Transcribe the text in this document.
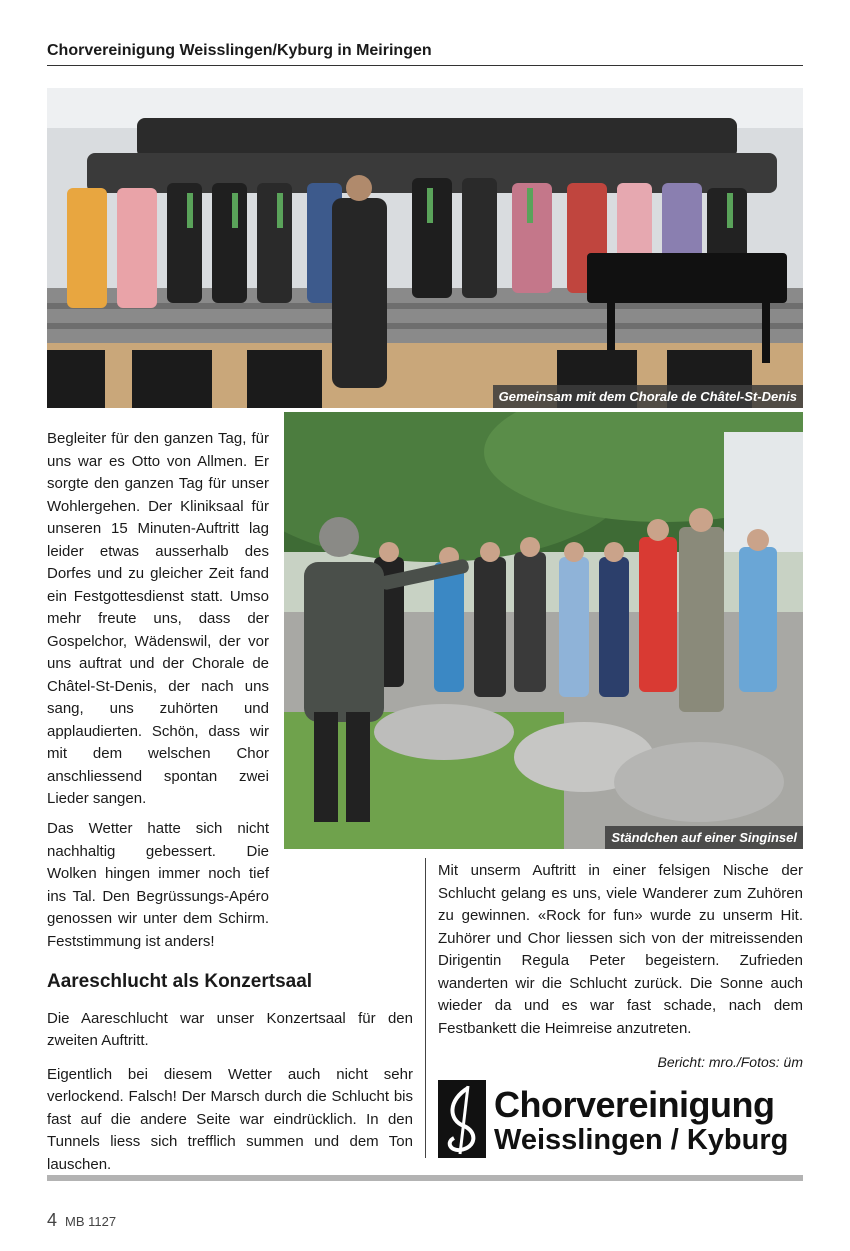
Chorvereinigung Weisslingen/Kyburg in Meiringen
Gemeinsam mit dem Chorale de Châtel-St-Denis
Ständchen auf einer Singinsel

Begleiter für den ganzen Tag, für uns war es Otto von Allmen. Er sorgte den ganzen Tag für unser Wohlergehen. Der Kliniksaal für unseren 15 Minuten-Auftritt lag leider etwas ausserhalb des Dorfes und zu gleicher Zeit fand ein Festgottesdienst statt. Umso mehr freute uns, dass der Gospelchor, Wädenswil, der vor uns auftrat und der Chorale de Châtel-St-Denis, der nach uns sang, uns zuhörten und applaudierten. Schön, dass wir mit dem welschen Chor anschliessend spontan zwei Lieder sangen.

Das Wetter hatte sich nicht nachhaltig gebessert. Die Wolken hingen immer noch tief ins Tal. Den Begrüssungs-Apéro genossen wir unter dem Schirm. Feststimmung ist anders!

Aareschlucht als Konzertsaal

Die Aareschlucht war unser Konzertsaal für den zweiten Auftritt.

Eigentlich bei diesem Wetter auch nicht sehr verlockend. Falsch! Der Marsch durch die Schlucht bis fast auf die andere Seite war eindrücklich. In den Tunnels liess sich trefflich summen und dem Ton lauschen.

Mit unserm Auftritt in einer felsigen Nische der Schlucht gelang es uns, viele Wanderer zum Zuhören zu gewinnen. «Rock for fun» wurde zu unserm Hit. Zuhörer und Chor liessen sich von der mitreissenden Dirigentin Regula Peter begeistern. Zufrieden wanderten wir die Schlucht zurück. Die Sonne auch wieder da und es war fast schade, nach dem Festbankett die Heimreise anzutreten.

Bericht: mro./Fotos: üm
Chorvereinigung
Weisslingen / Kyburg
4 MB 1127
